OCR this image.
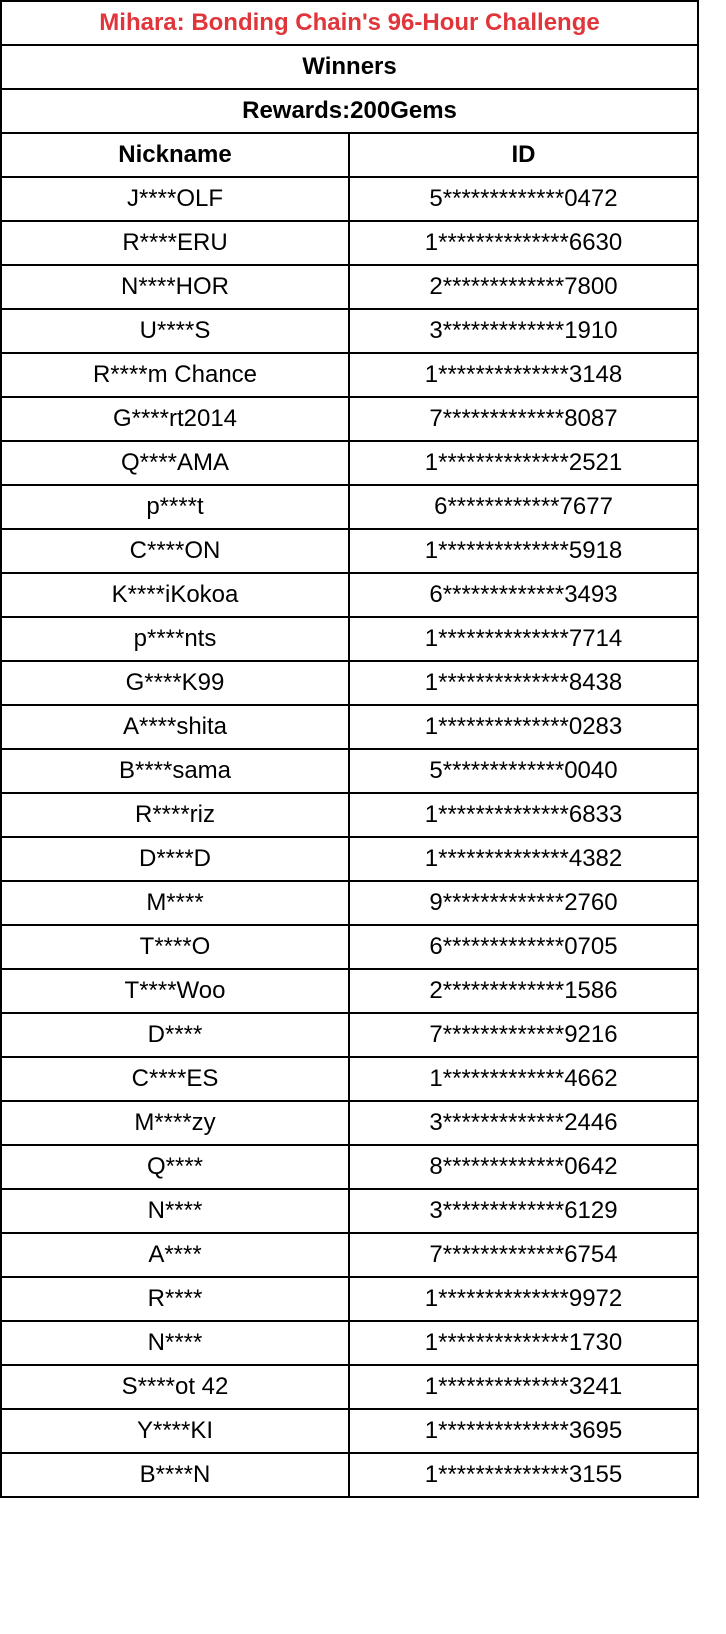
Mihara: Bonding Chain's 96-Hour Challenge	
Winners	
Rewards:200Gems	
Nickname	ID
J****OLF	5*************0472
R****ERU	1**************6630
N****HOR	2*************7800
U****S	3*************1910
R****m Chance	1**************3148
G****rt2014	7*************8087
Q****AMA	1**************2521
p****t	6************7677
C****ON	1**************5918
K****iKokoa	6*************3493
p****nts	1**************7714
G****K99	1**************8438
A****shita	1**************0283
B****sama	5*************0040
R****riz	1**************6833
D****D	1**************4382
M****	9*************2760
T****O	6*************0705
T****Woo	2*************1586
D****	7*************9216
C****ES	1*************4662
M****zy	3*************2446
Q****	8*************0642
N****	3*************6129
A****	7*************6754
R****	1**************9972
N****	1**************1730
S****ot 42	1**************3241
Y****KI	1**************3695
B****N	1**************3155
